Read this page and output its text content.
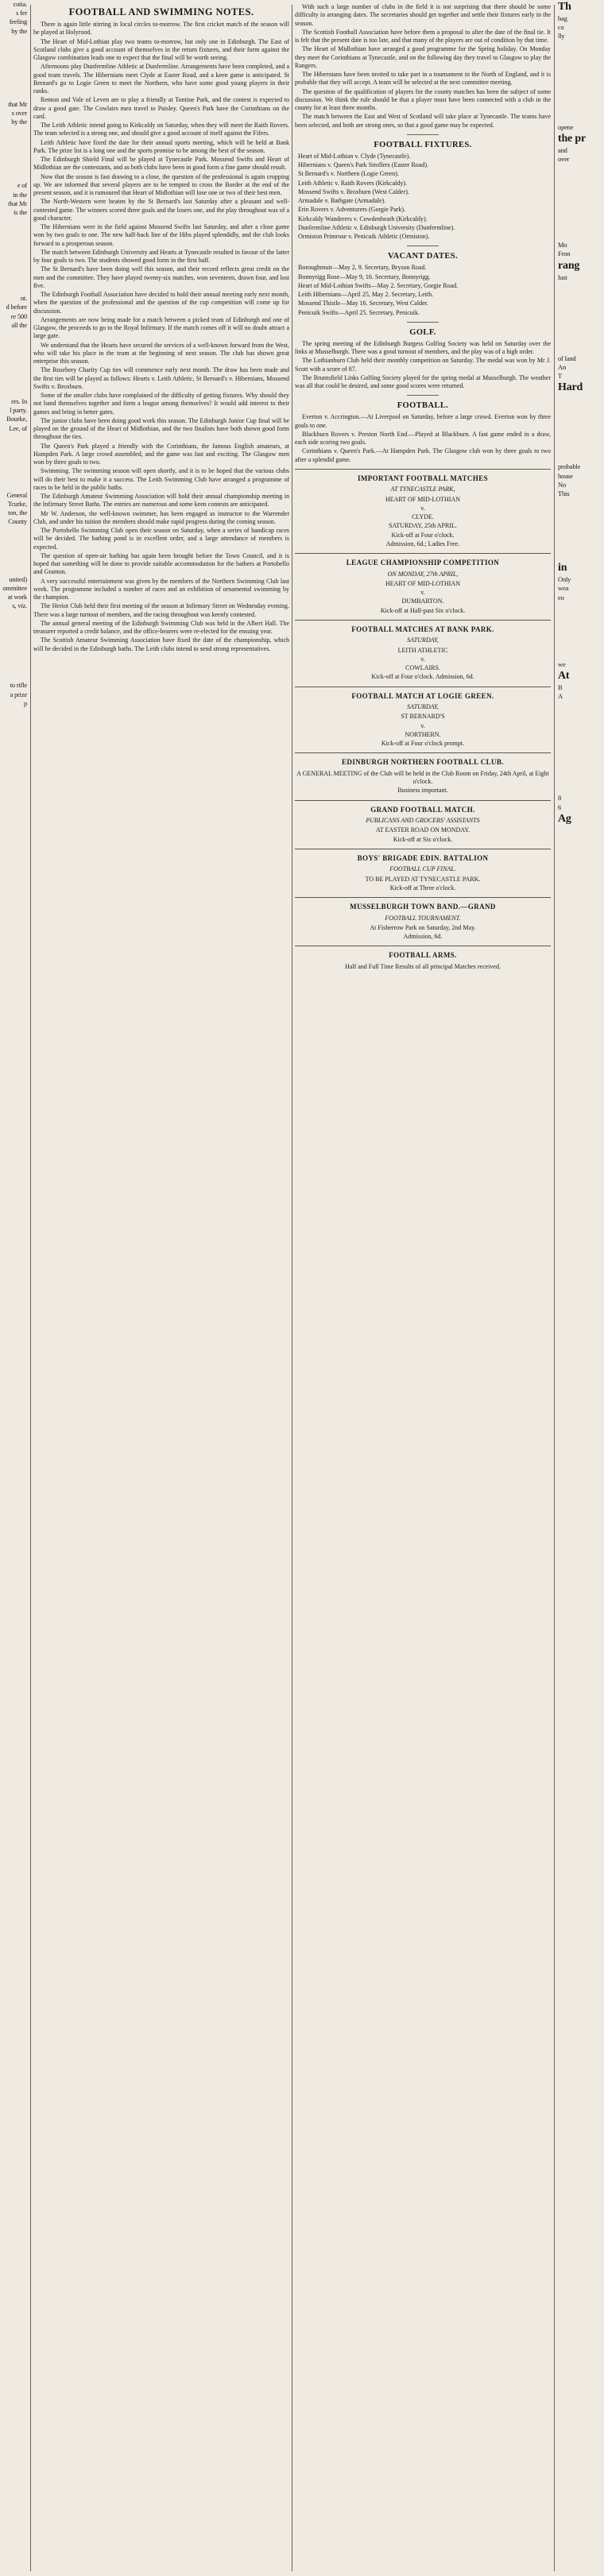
cotia.
s fer
feeling
by the
that Mr
s over
by the
e of
in the
that Mr
is the
nt.
d before
re 500
all the
ers. In
l party.
Bourke,
Lee, of
General
Tcurke,
ton, the
County
united)
ommittee
at work
s, viz.
to rifle
a prize
p
FOOTBALL AND SWIMMING NOTES.

There is again little stirring in local circles to-morrow. The first cricket match of the season will be played at Holyrood.

The Heart of Mid-Lothian play two teams to-morrow, but only one in Edinburgh. The East of Scotland clubs give a good account of themselves in the return fixtures, and their form against the Glasgow combination leads one to expect that the final will be worth seeing.

Afternoons play Dunfermline Athletic at Dunfermline. Arrangements have been completed, and a good team travels. The Hibernians meet Clyde at Easter Road, and a keen game is anticipated. St Bernard's go to Logie Green to meet the Northern, who have some good young players in their ranks.

Renton and Vale of Leven are to play a friendly at Tontine Park, and the contest is expected to draw a good gate. The Cowlairs men travel to Paisley. Queen's Park have the Corinthians on the card.

The Leith Athletic intend going to Kirkcaldy on Saturday, when they will meet the Raith Rovers. The team selected is a strong one, and should give a good account of itself against the Fifers.

Leith Athletic have fixed the date for their annual sports meeting, which will be held at Bank Park. The prize list is a long one and the sports promise to be among the best of the season.

The Edinburgh Shield Final will be played at Tynecastle Park. Mossend Swifts and Heart of Midlothian are the contestants, and as both clubs have been in good form a fine game should result.

Now that the season is fast drawing to a close, the question of the professional is again cropping up. We are informed that several players are to be tempted to cross the Border at the end of the present season, and it is rumoured that Heart of Midlothian will lose one or two of their best men.

The North-Western were beaten by the St Bernard's last Saturday after a pleasant and well-contested game. The winners scored three goals and the losers one, and the play throughout was of a good character.

The Hibernians were in the field against Mossend Swifts last Saturday, and after a close game won by two goals to one. The new half-back line of the Hibs played splendidly, and the club looks forward to a prosperous season.

The match between Edinburgh University and Hearts at Tynecastle resulted in favour of the latter by four goals to two. The students showed good form in the first half.

The St Bernard's have been doing well this season, and their record reflects great credit on the men and the committee. They have played twenty-six matches, won seventeen, drawn four, and lost five.

The Edinburgh Football Association have decided to hold their annual meeting early next month, when the question of the professional and the question of the cup competition will come up for discussion.

Arrangements are now being made for a match between a picked team of Edinburgh and one of Glasgow, the proceeds to go to the Royal Infirmary. If the match comes off it will no doubt attract a large gate.

We understand that the Hearts have secured the services of a well-known forward from the West, who will take his place in the team at the beginning of next season. The club has shown great enterprise this season.

The Rosebery Charity Cup ties will commence early next month. The draw has been made and the first ties will be played as follows: Hearts v. Leith Athletic, St Bernard's v. Hibernians, Mossend Swifts v. Broxburn.

Some of the smaller clubs have complained of the difficulty of getting fixtures. Why should they not band themselves together and form a league among themselves? It would add interest to their games and bring in better gates.

The junior clubs have been doing good work this season. The Edinburgh Junior Cup final will be played on the ground of the Heart of Midlothian, and the two finalists have both shown good form throughout the ties.

The Queen's Park played a friendly with the Corinthians, the famous English amateurs, at Hampden Park. A large crowd assembled, and the game was fast and exciting. The Glasgow men won by three goals to two.

Swimming. The swimming season will open shortly, and it is to be hoped that the various clubs will do their best to make it a success. The Leith Swimming Club have arranged a programme of races to be held in the public baths.

The Edinburgh Amateur Swimming Association will hold their annual championship meeting in the Infirmary Street Baths. The entries are numerous and some keen contests are anticipated.

Mr W. Anderson, the well-known swimmer, has been engaged as instructor to the Warrender Club, and under his tuition the members should make rapid progress during the coming season.

The Portobello Swimming Club open their season on Saturday, when a series of handicap races will be decided. The bathing pond is in excellent order, and a large attendance of members is expected.

The question of open-air bathing has again been brought before the Town Council, and it is hoped that something will be done to provide suitable accommodation for the bathers at Portobello and Granton.

A very successful entertainment was given by the members of the Northern Swimming Club last week. The programme included a number of races and an exhibition of ornamental swimming by the champion.

The Heriot Club held their first meeting of the season at Infirmary Street on Wednesday evening. There was a large turnout of members, and the racing throughout was keenly contested.

The annual general meeting of the Edinburgh Swimming Club was held in the Albert Hall. The treasurer reported a credit balance, and the office-bearers were re-elected for the ensuing year.

The Scottish Amateur Swimming Association have fixed the date of the championship, which will be decided in the Edinburgh baths. The Leith clubs intend to send strong representatives.

With such a large number of clubs in the field it is not surprising that there should be some difficulty in arranging dates. The secretaries should get together and settle their fixtures early in the season.

The Scottish Football Association have before them a proposal to alter the date of the final tie. It is felt that the present date is too late, and that many of the players are out of condition by that time.

The Heart of Midlothian have arranged a good programme for the Spring holiday. On Monday they meet the Corinthians at Tynecastle, and on the following day they travel to Glasgow to play the Rangers.

The Hibernians have been invited to take part in a tournament in the North of England, and it is probable that they will accept. A team will be selected at the next committee meeting.

The question of the qualification of players for the county matches has been the subject of some discussion. We think the rule should be that a player must have been connected with a club in the county for at least three months.

The match between the East and West of Scotland will take place at Tynecastle. The teams have been selected, and both are strong ones, so that a good game may be expected.

FOOTBALL FIXTURES.

Heart of Mid-Lothian v. Clyde (Tynecastle).

Hibernians v. Queen's Park Strollers (Easter Road).

St Bernard's v. Northern (Logie Green).

Leith Athletic v. Raith Rovers (Kirkcaldy).

Mossend Swifts v. Broxburn (West Calder).

Armadale v. Bathgate (Armadale).

Erin Rovers v. Adventurers (Gorgie Park).

Kirkcaldy Wanderers v. Cowdenbeath (Kirkcaldy).

Dunfermline Athletic v. Edinburgh University (Dunfermline).

Ormiston Primrose v. Penicuik Athletic (Ormiston).

VACANT DATES.

Boroughmuir—May 2, 9. Secretary, Bryson Road.

Bonnyrigg Rose—May 9, 16. Secretary, Bonnyrigg.

Heart of Mid-Lothian Swifts—May 2. Secretary, Gorgie Road.

Leith Hibernians—April 25, May 2. Secretary, Leith.

Mossend Thistle—May 16. Secretary, West Calder.

Penicuik Swifts—April 25. Secretary, Penicuik.

GOLF.

The spring meeting of the Edinburgh Burgess Golfing Society was held on Saturday over the links at Musselburgh. There was a good turnout of members, and the play was of a high order.

The Lothianburn Club held their monthly competition on Saturday. The medal was won by Mr J. Scott with a score of 87.

The Bruntsfield Links Golfing Society played for the spring medal at Musselburgh. The weather was all that could be desired, and some good scores were returned.

FOOTBALL.

Everton v. Accrington.—At Liverpool on Saturday, before a large crowd. Everton won by three goals to one.

Blackburn Rovers v. Preston North End.—Played at Blackburn. A fast game ended in a draw, each side scoring two goals.

Corinthians v. Queen's Park.—At Hampden Park. The Glasgow club won by three goals to two after a splendid game.

IMPORTANT FOOTBALL MATCHES
AT TYNECASTLE PARK,

HEART OF MID-LOTHIAN

v.

CLYDE.

SATURDAY, 25th APRIL.

Kick-off at Four o'clock.

Admission, 6d.; Ladies Free.

LEAGUE CHAMPIONSHIP COMPETITION
ON MONDAY, 27th APRIL,

HEART OF MID-LOTHIAN

v.

DUMBARTON.

Kick-off at Half-past Six o'clock.

FOOTBALL MATCHES AT BANK PARK.
SATURDAY,

LEITH ATHLETIC

v.

COWLAIRS.

Kick-off at Four o'clock. Admission, 6d.

FOOTBALL MATCH AT LOGIE GREEN.
SATURDAY,

ST BERNARD'S

v.

NORTHERN.

Kick-off at Four o'clock prompt.

EDINBURGH NORTHERN FOOTBALL CLUB.

A GENERAL MEETING of the Club will be held in the Club Room on Friday, 24th April, at Eight o'clock.

Business important.

GRAND FOOTBALL MATCH.
PUBLICANS AND GROCERS' ASSISTANTS

AT EASTER ROAD ON MONDAY.

Kick-off at Six o'clock.

BOYS' BRIGADE EDIN. BATTALION
FOOTBALL CUP FINAL.

TO BE PLAYED AT TYNECASTLE PARK.

Kick-off at Three o'clock.

MUSSELBURGH TOWN BAND.—GRAND
FOOTBALL TOURNAMENT.

At Fisherrow Park on Saturday, 2nd May.

Admission, 6d.

FOOTBALL ARMS.

Half and Full Time Results of all principal Matches received.

Th
bag
ca
lly
opene
the pr
and
over
Mo
Fron
rang
lust
of land
An
T
Hard
probable
house
No
This
in
Only
wea
eo
we
At
B
A
8
6
Ag
